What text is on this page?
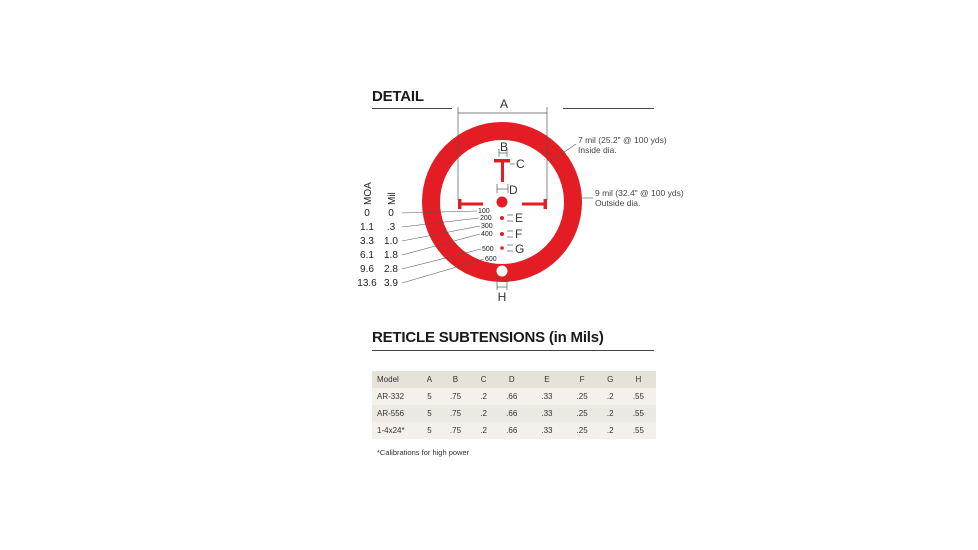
DETAIL	A
B
C
D
100
200
300
400
500
600
E
F
G
H
7 mil (25.2" @ 100 yds)
Inside dia.
9 mil (32.4" @ 100 yds)
Outside dia.
MOA Mil
0 0
1.1 .3
3.3 1.0
6.1 1.8
9.6 2.8
13.6 3.9
RETICLE SUBTENSIONS (in Mils)
Model	A	B	C	D	E	F	G	H
AR-332	5	.75	.2	.66	.33	.25	.2	.55
AR-556	5	.75	.2	.66	.33	.25	.2	.55
1-4x24*	5	.75	.2	.66	.33	.25	.2	.55
*Calibrations for high power
